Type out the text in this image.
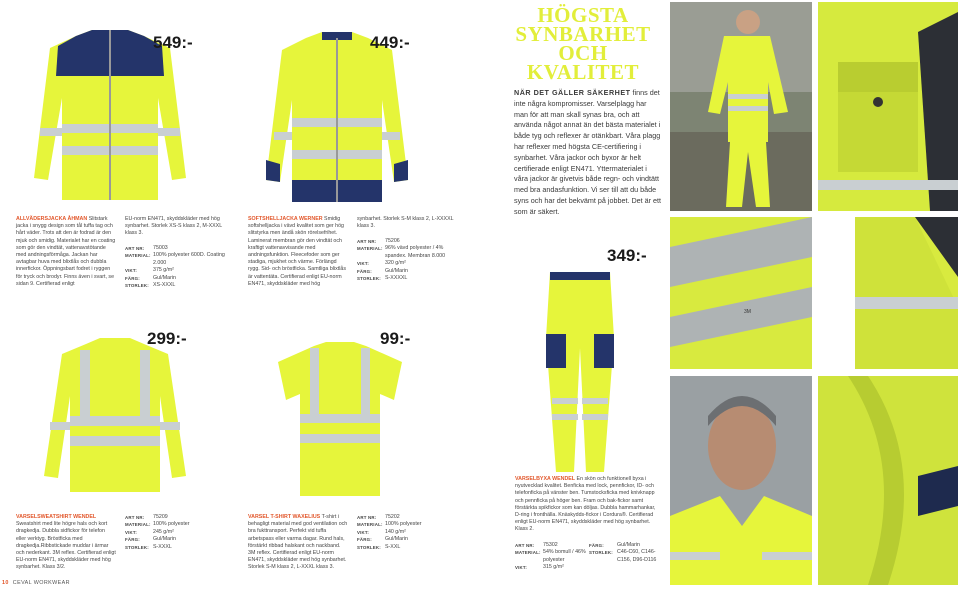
549:-
ALLVÄDERSJACKA ÅHMAN Slitstark jacka i snygg design som tål tuffa tag och hårt väder. Trots att den är fodrad är den mjuk och smidig. Materialet har en coating som gör den vindtät, vattenavstötande med andningsförmåga. Jackan har avtagbar huva med blixtlås och dubbla innerfickor. Öppningsbart fodret i ryggen för tryck och brodyr. Finns även i svart, se sidan 9. Certifierad enligt
EU-norm EN471, skyddskläder med hög synbarhet. Storlek XS-S klass 2, M-XXXL klass 3.
ART NR:	75003
MATERIAL: 100% polyester 600D. Coating 2.000
VIKT:	375 g/m²
FÄRG:	Gul/Marin
STORLEK: XS-XXXL
449:-
SOFTSHELLJACKA WERNER Smidig softshelljacka i vävd kvalitet som ger hög slitstyrka men ändå skön rörelsefrihet. Laminerat membran gör den vindtät och kraftigt vattenavvisande med andningsfunktion. Fleecefoder som ger stadiga, mjukhet och värme. Förlängd rygg. Sid- och bröstficka. Samtliga blixtlås är vattentäta. Certifierad enligt EU-norm EN471, skyddskläder med hög
synbarhet. Storlek S-M klass 2, L-XXXXL klass 3.
ART NR:	75206
MATERIAL: 96% vävd polyester / 4% spandex. Membran 8.000
VIKT:	320 g/m²
FÄRG:	Gul/Marin
STORLEK: S-XXXXL
299:-
VARSELSWEATSHIRT WENDEL Sweatshirt med lite högre hals och kort dragkedja. Dubbla sidfickor för telefon eller verktyg. Bröstficka med dragkedja.Ribbstickade muddar i ärmar och nederkant. 3M reflex. Certifierad enligt EU-norm EN471, skyddskläder med hög synbarhet. Klass 3/2.
ART NR:	75209
MATERIAL: 100% polyester
VIKT:	245 g/m²
FÄRG:	Gul/Marin
STORLEK: S-XXXL
99:-
VARSEL T-SHIRT WAXELIUS T-shirt i behagligt material med god ventilation och bra fukttransport. Perfekt vid tuffa arbetspass eller varma dagar. Rund hals, förstärkt ribbad halskant och nackband. 3M reflex. Certifierad enligt EU-norm EN471, skyddskläder med hög synbarhet. Storlek S-M klass 2, L-XXXL klass 3.
ART NR:	75202
MATERIAL: 100% polyester
VIKT:	140 g/m²
FÄRG:	Gul/Marin
STORLEK: S-XXL
HÖGSTA
SYNBARHET
OCH
KVALITET
NÄR DET GÄLLER SÄKERHET finns det inte några kompromisser. Varselplagg har man för att man skall synas bra, och att använda något annat än det bästa materialet i både tyg och reflexer är otänkbart. Våra plagg har reflexer med högsta CE-certifiering i synbarhet. Våra jackor och byxor är helt certifierade enligt EN471. Yttermaterialet i våra jackor är givetvis både regn- och vindtätt med bra andasfunktion. Vi ser till att du både syns och har det bekvämt på jobbet. Det är ett som är säkert.
3M
349:-
VARSELBYXA WENDEL En skön och funktionell byxa i nyutvecklad kvalitet. Benficka med lock, pennfickor, ID- och telefonficka på vänster ben. Tumstocksficka med knivknapp och pennficka på höger ben. Fram och bak-fickor samt förstärkta spikfickor som kan döljas. Dubbla hammarhankar, D-ring i fronthälla. Knäskydds-fickor i Cordura®. Certifierad enligt EU-norm EN471, skyddskläder med hög synbarhet. Klass 2.
ART NR:	75302
MATERIAL: 54% bomull / 46% polyester
VIKT:	315 g/m²
FÄRG:	Gul/Marin
STORLEK: C46-C60, C146-C156, D96-D116
10 CEVAL WORKWEAR
